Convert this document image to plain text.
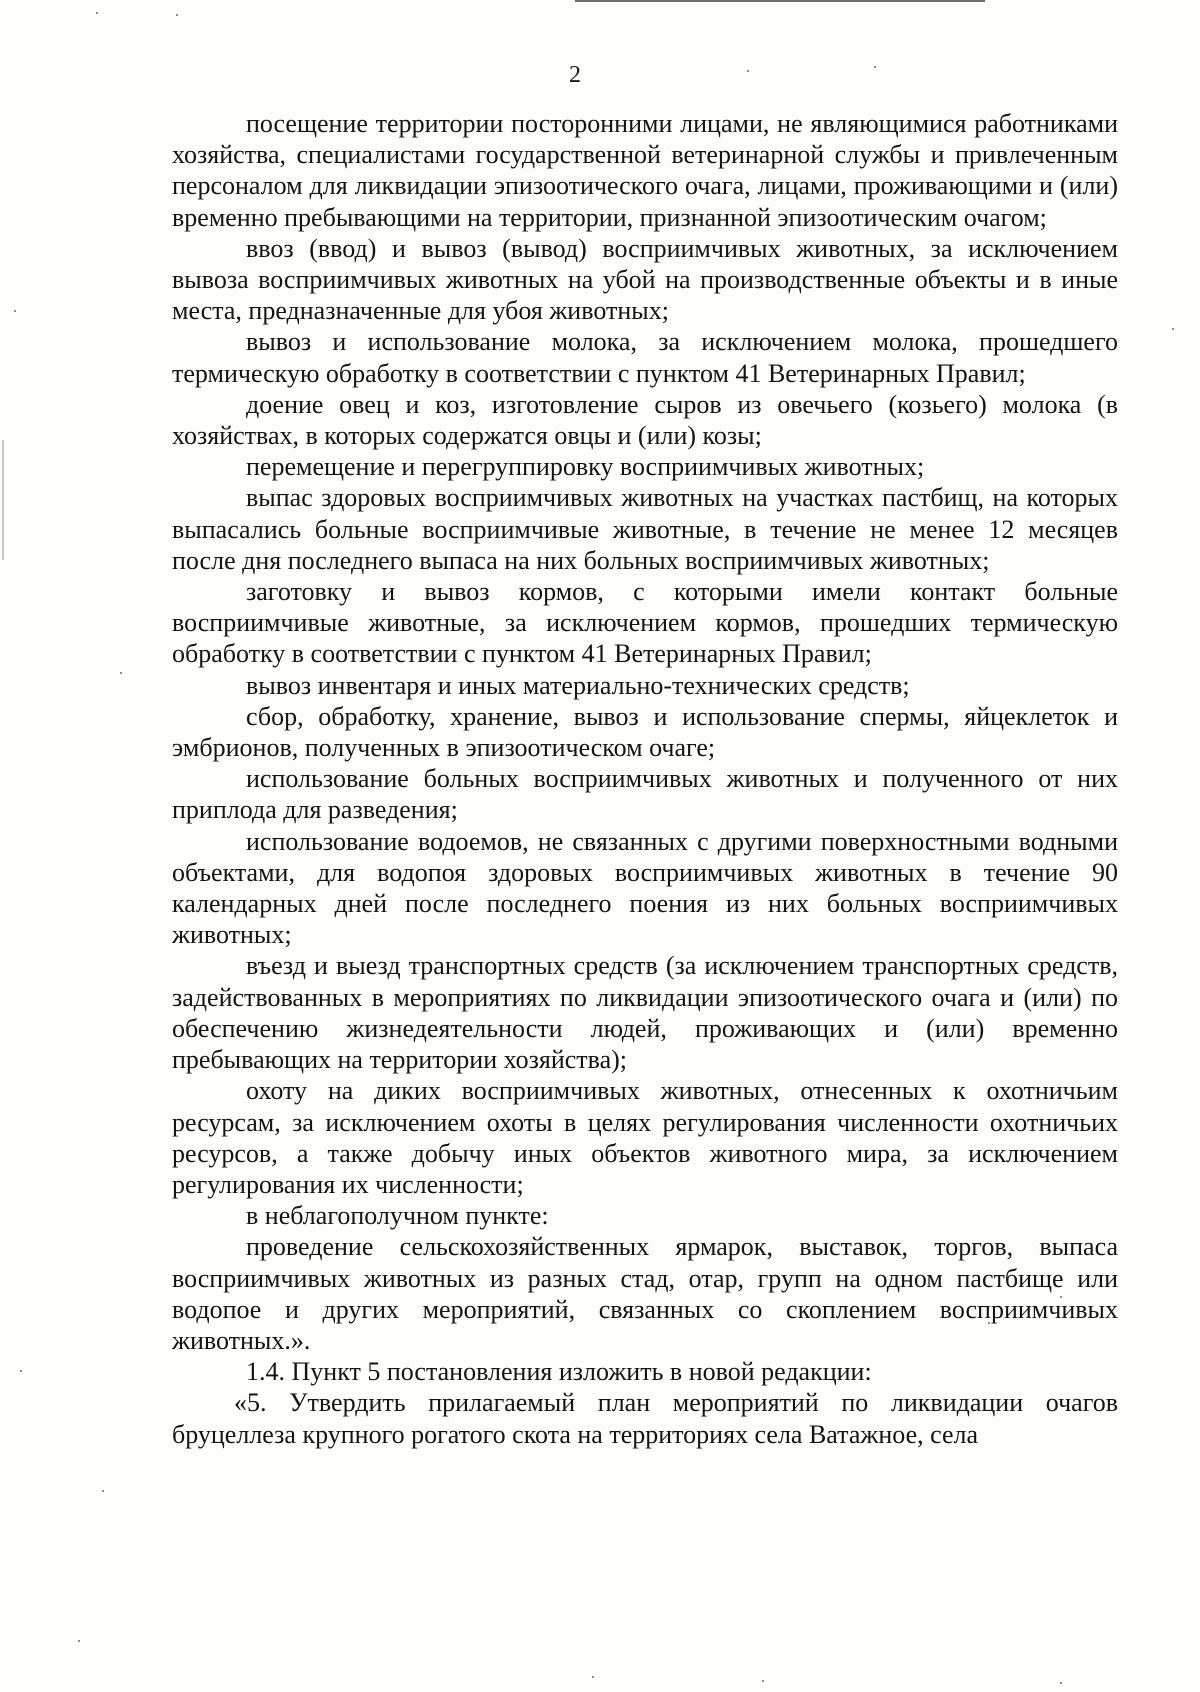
2

посещение территории посторонними лицами, не являющимися работниками хозяйства, специалистами государственной ветеринарной службы и привлеченным персоналом для ликвидации эпизоотического очага, лицами, проживающими и (или) временно пребывающими на территории, признанной эпизоотическим очагом;

ввоз (ввод) и вывоз (вывод) восприимчивых животных, за исключением вывоза восприимчивых животных на убой на производственные объекты и в иные места, предназначенные для убоя животных;

вывоз и использование молока, за исключением молока, прошедшего термическую обработку в соответствии с пунктом 41 Ветеринарных Правил;

доение овец и коз, изготовление сыров из овечьего (козьего) молока (в хозяйствах, в которых содержатся овцы и (или) козы;

перемещение и перегруппировку восприимчивых животных;

выпас здоровых восприимчивых животных на участках пастбищ, на которых выпасались больные восприимчивые животные, в течение не менее 12 месяцев после дня последнего выпаса на них больных восприимчивых животных;

заготовку и вывоз кормов, с которыми имели контакт больные восприимчивые животные, за исключением кормов, прошедших термическую обработку в соответствии с пунктом 41 Ветеринарных Правил;

вывоз инвентаря и иных материально-технических средств;

сбор, обработку, хранение, вывоз и использование спермы, яйцеклеток и эмбрионов, полученных в эпизоотическом очаге;

использование больных восприимчивых животных и полученного от них приплода для разведения;

использование водоемов, не связанных с другими поверхностными водными объектами, для водопоя здоровых восприимчивых животных в течение 90 календарных дней после последнего поения из них больных восприимчивых животных;

въезд и выезд транспортных средств (за исключением транспортных средств, задействованных в мероприятиях по ликвидации эпизоотического очага и (или) по обеспечению жизнедеятельности людей, проживающих и (или) временно пребывающих на территории хозяйства);

охоту на диких восприимчивых животных, отнесенных к охотничьим ресурсам, за исключением охоты в целях регулирования численности охотничьих ресурсов, а также добычу иных объектов животного мира, за исключением регулирования их численности;

в неблагополучном пункте:

проведение сельскохозяйственных ярмарок, выставок, торгов, выпаса восприимчивых животных из разных стад, отар, групп на одном пастбище или водопое и других мероприятий, связанных со скоплением восприимчивых животных.».

1.4. Пункт 5 постановления изложить в новой редакции:

«5. Утвердить прилагаемый план мероприятий по ликвидации очагов бруцеллеза крупного рогатого скота на территориях села Ватажное, села
